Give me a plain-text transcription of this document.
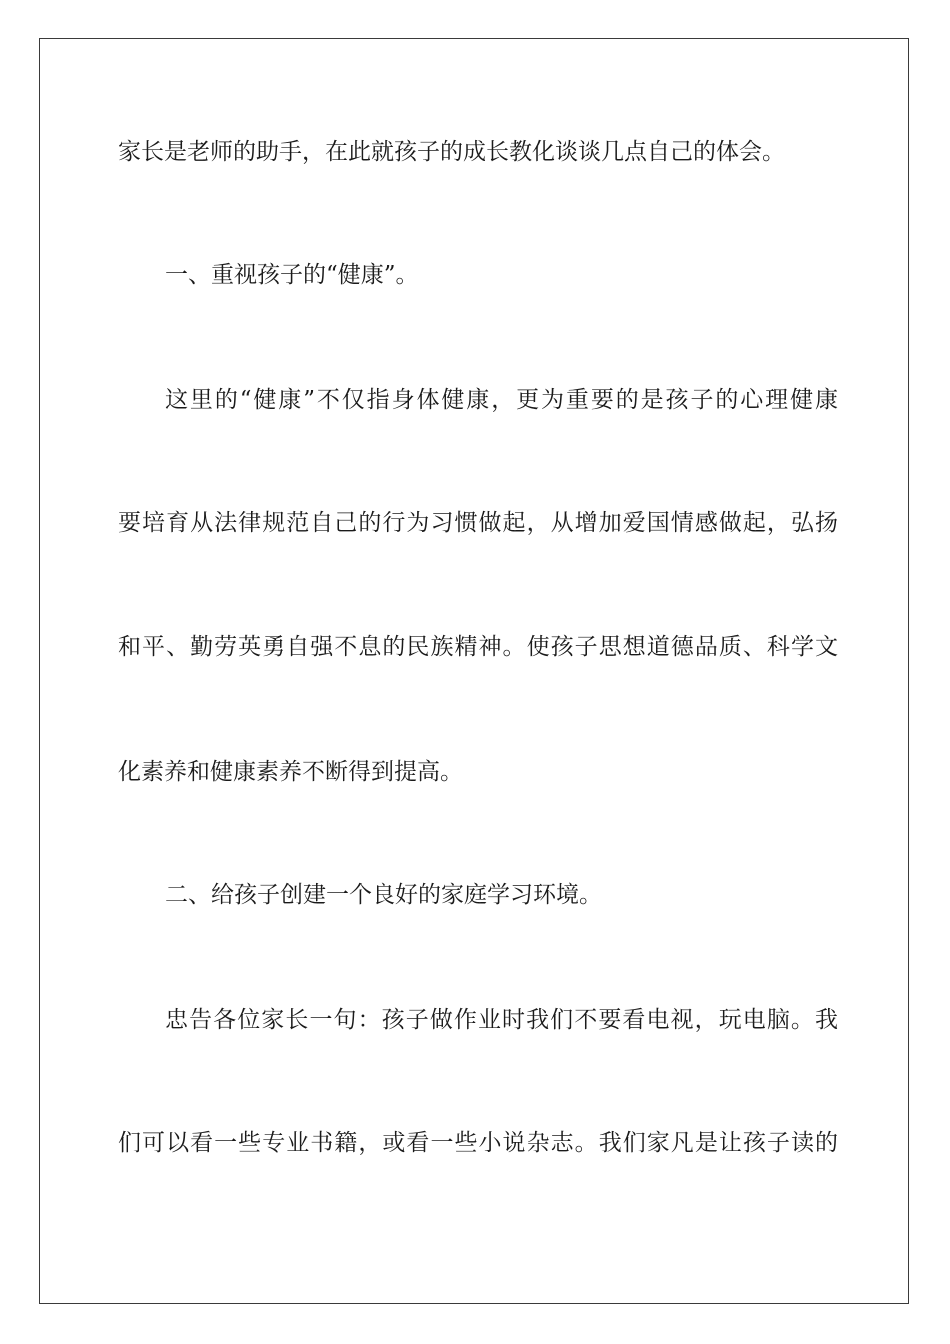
家长是老师的助手，在此就孩子的成长教化谈谈几点自己的体会。
一、重视孩子的“健康”。
这里的“健康”不仅指身体健康，更为重要的是孩子的心理健康
要培育从法律规范自己的行为习惯做起，从增加爱国情感做起，弘扬
和平、勤劳英勇自强不息的民族精神。使孩子思想道德品质、科学文
化素养和健康素养不断得到提高。
二、给孩子创建一个良好的家庭学习环境。
忠告各位家长一句：孩子做作业时我们不要看电视，玩电脑。我
们可以看一些专业书籍，或看一些小说杂志。我们家凡是让孩子读的
